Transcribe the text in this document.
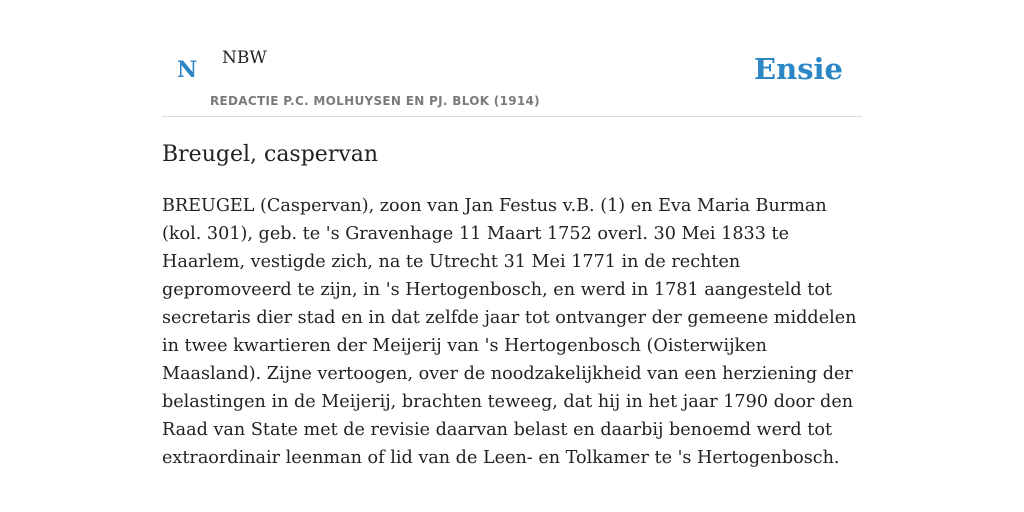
N NBW
REDACTIE P.C. MOLHUYSEN EN PJ. BLOK (1914)
Ensie
Breugel, caspervan

BREUGEL (Caspervan), zoon van Jan Festus v.B. (1) en Eva Maria Burman (kol. 301), geb. te 's Gravenhage 11 Maart 1752 overl. 30 Mei 1833 te Haarlem, vestigde zich, na te Utrecht 31 Mei 1771 in de rechten gepromoveerd te zijn, in 's Hertogenbosch, en werd in 1781 aangesteld tot secretaris dier stad en in dat zelfde jaar tot ontvanger der gemeene middelen in twee kwartieren der Meijerij van 's Hertogenbosch (Oisterwijken Maasland). Zijne vertoogen, over de noodzakelijkheid van een herziening der belastingen in de Meijerij, brachten teweeg, dat hij in het jaar 1790 door den Raad van State met de revisie daarvan belast en daarbij benoemd werd tot extraordinair leenman of lid van de Leen- en Tolkamer te 's Hertogenbosch.
